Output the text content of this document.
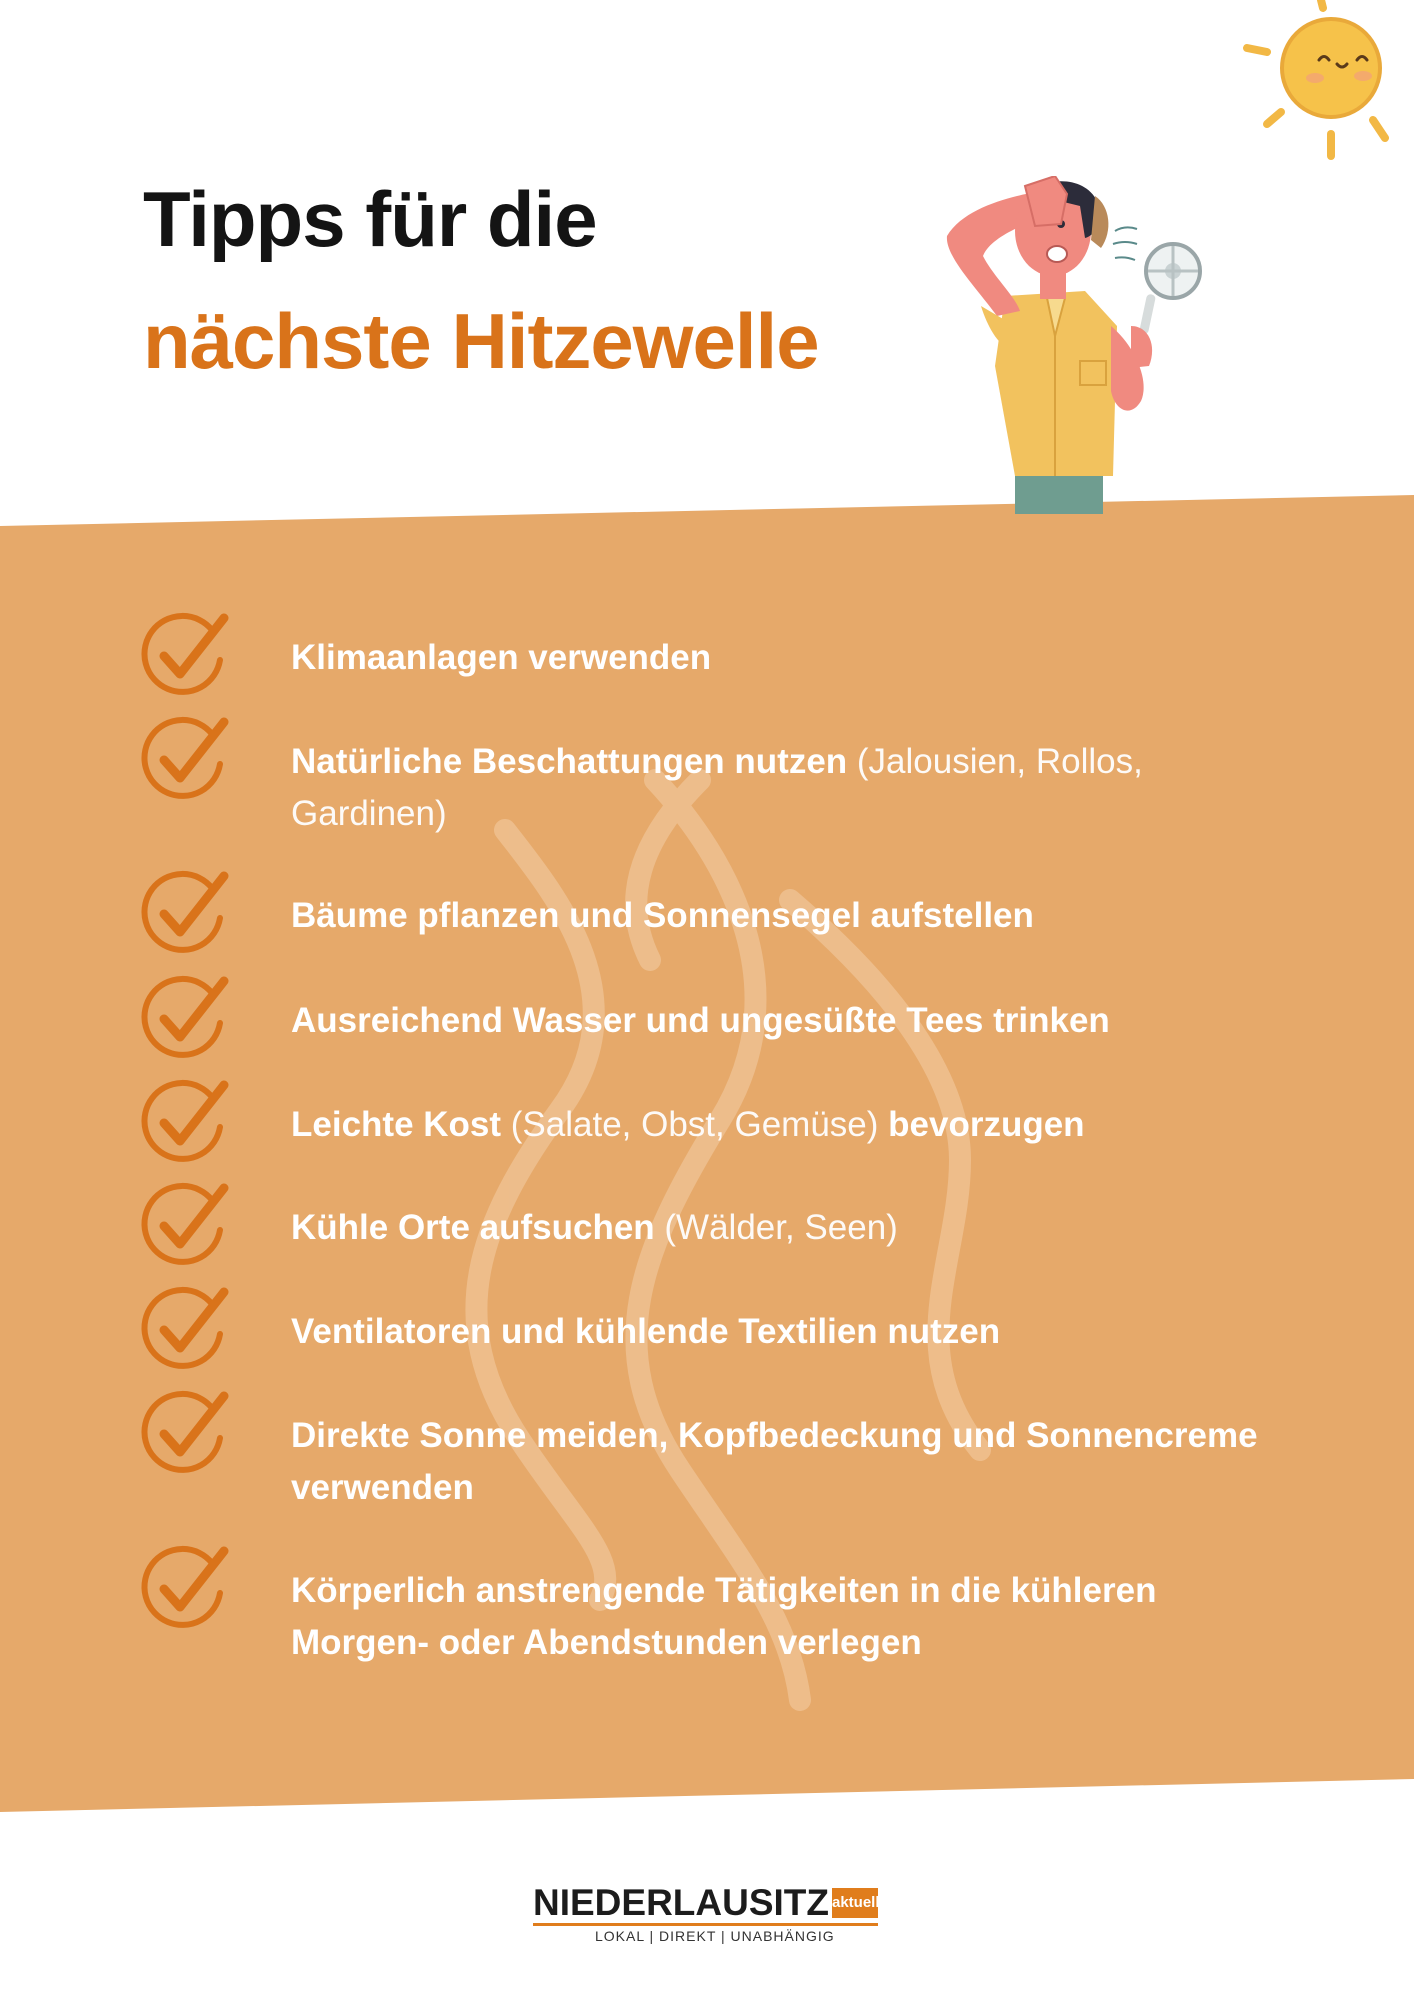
Tipps für die
nächste Hitzewelle
Klimaanlagen verwenden
Natürliche Beschattungen nutzen (Jalousien, Rollos, Gardinen)
Bäume pflanzen und Sonnensegel aufstellen
Ausreichend Wasser und ungesüßte Tees trinken
Leichte Kost (Salate, Obst, Gemüse) bevorzugen
Kühle Orte aufsuchen (Wälder, Seen)
Ventilatoren und kühlende Textilien nutzen
Direkte Sonne meiden, Kopfbedeckung und Sonnencreme verwenden
Körperlich anstrengende Tätigkeiten in die kühleren Morgen- oder Abendstunden verlegen
NIEDERLAUSITZ aktuell
LOKAL | DIREKT | UNABHÄNGIG
